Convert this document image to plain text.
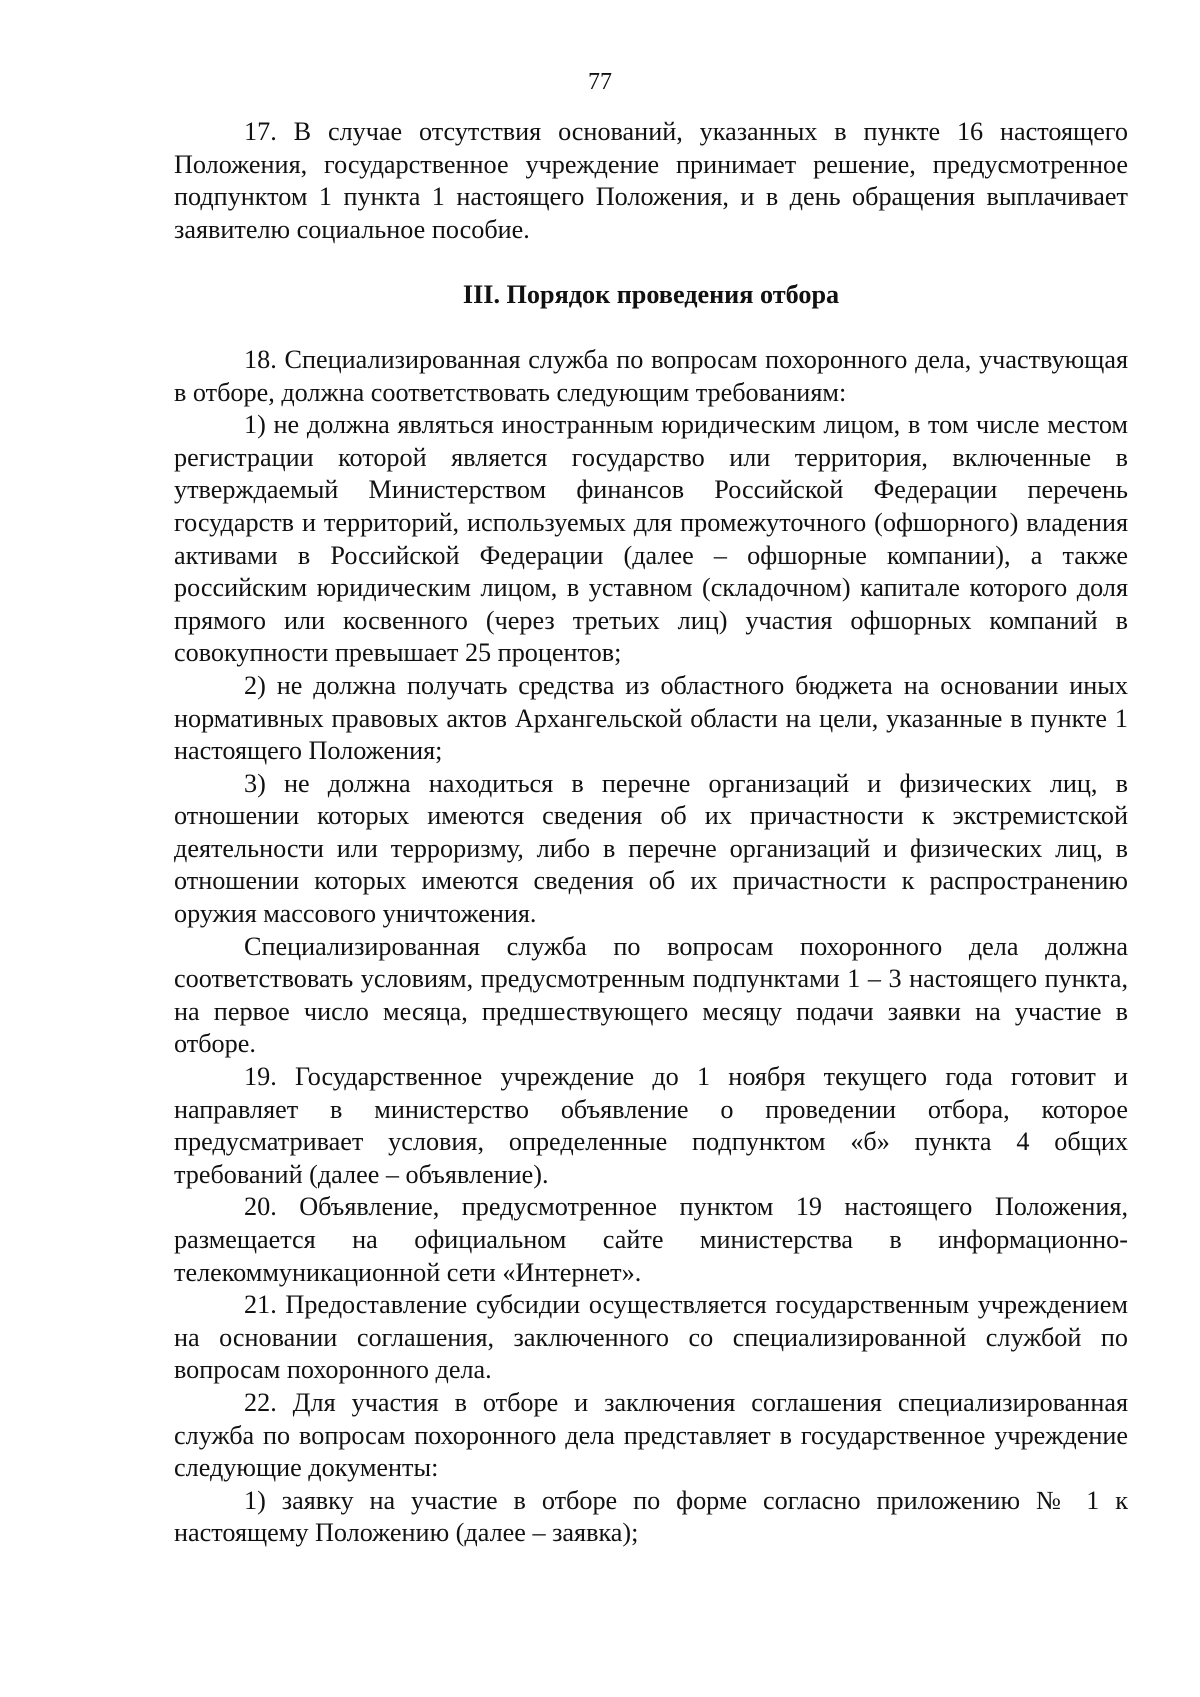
77

17. В случае отсутствия оснований, указанных в пункте 16 настоящего Положения, государственное учреждение принимает решение, предусмотренное подпунктом 1 пункта 1 настоящего Положения, и в день обращения выплачивает заявителю социальное пособие.

III. Порядок проведения отбора

18. Специализированная служба по вопросам похоронного дела, участвующая в отборе, должна соответствовать следующим требованиям:

1) не должна являться иностранным юридическим лицом, в том числе местом регистрации которой является государство или территория, включенные в утверждаемый Министерством финансов Российской Федерации перечень государств и территорий, используемых для промежуточного (офшорного) владения активами в Российской Федерации (далее – офшорные компании), а также российским юридическим лицом, в уставном (складочном) капитале которого доля прямого или косвенного (через третьих лиц) участия офшорных компаний в совокупности превышает 25 процентов;

2) не должна получать средства из областного бюджета на основании иных нормативных правовых актов Архангельской области на цели, указанные в пункте 1 настоящего Положения;

3) не должна находиться в перечне организаций и физических лиц, в отношении которых имеются сведения об их причастности к экстремистской деятельности или терроризму, либо в перечне организаций и физических лиц, в отношении которых имеются сведения об их причастности к распространению оружия массового уничтожения.

Специализированная служба по вопросам похоронного дела должна соответствовать условиям, предусмотренным подпунктами 1 – 3 настоящего пункта, на первое число месяца, предшествующего месяцу подачи заявки на участие в отборе.

19. Государственное учреждение до 1 ноября текущего года готовит и направляет в министерство объявление о проведении отбора, которое предусматривает условия, определенные подпунктом «б» пункта 4 общих требований (далее – объявление).

20. Объявление, предусмотренное пунктом 19 настоящего Положения, размещается на официальном сайте министерства в информационно-телекоммуникационной сети «Интернет».

21. Предоставление субсидии осуществляется государственным учреждением на основании соглашения, заключенного со специализированной службой по вопросам похоронного дела.

22. Для участия в отборе и заключения соглашения специализированная служба по вопросам похоронного дела представляет в государственное учреждение следующие документы:

1) заявку на участие в отборе по форме согласно приложению № 1 к настоящему Положению (далее – заявка);
